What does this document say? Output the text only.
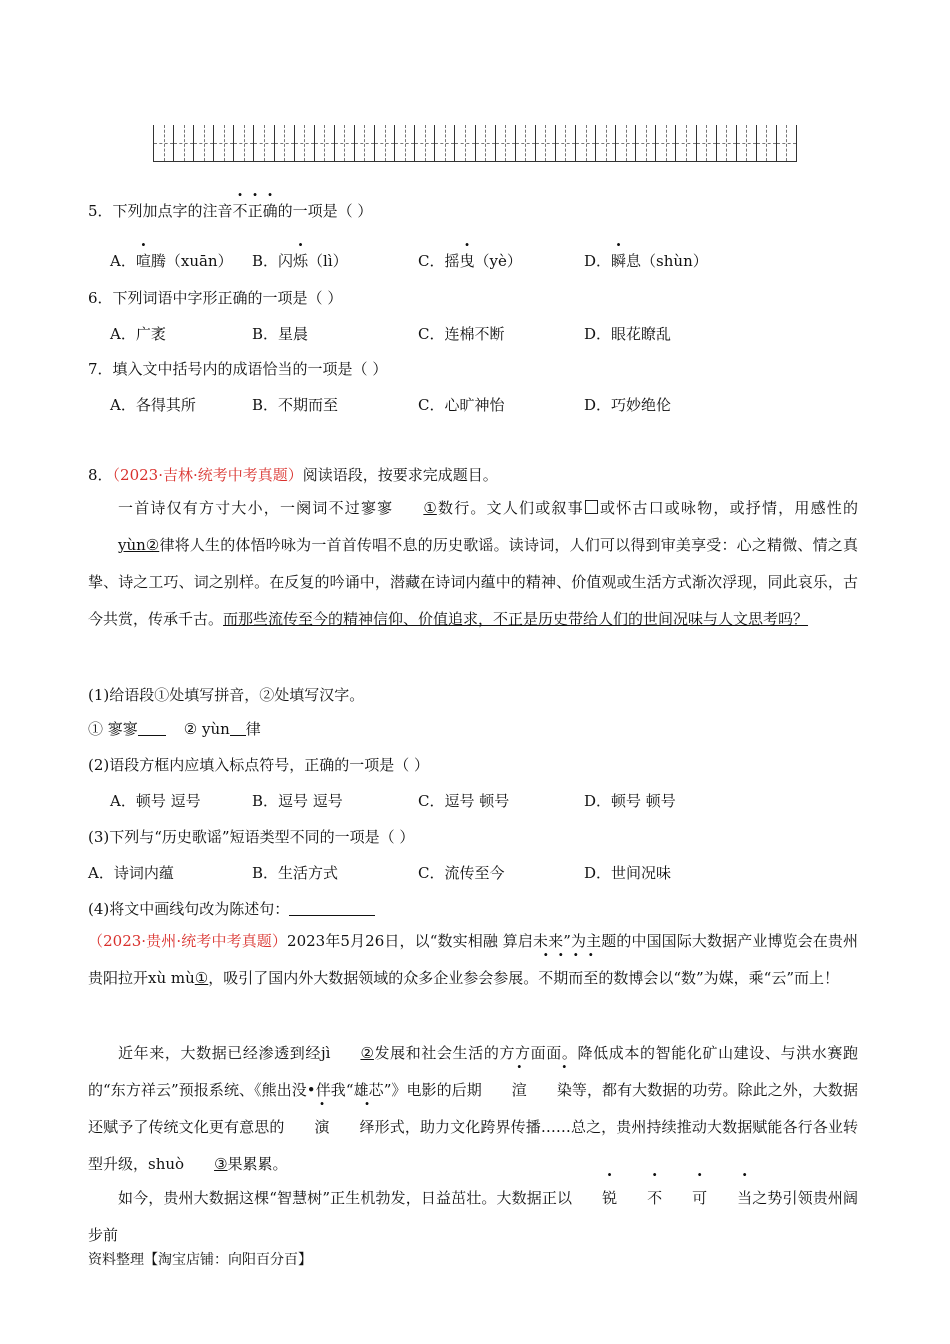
5．下列加点字的注音不正确的一项是（ ）
A．喧腾（xuān） B．闪烁（lì）	C．摇曳（yè）	D．瞬息（shùn）
6．下列词语中字形正确的一项是（ ）
A．广袤	B．星晨	C．连棉不断	D．眼花瞭乱
7．填入文中括号内的成语恰当的一项是（ ）
A．各得其所	B．不期而至	C．心旷神怡	D．巧妙绝伦
8．（2023·吉林·统考中考真题）阅读语段，按要求完成题目。
一首诗仅有方寸大小，一阕词不过寥寥 ①数行。文人们或叙事 或怀古口或咏物，或抒情，用感性的yùn②律将人生的体悟吟咏为一首首传唱不息的历史歌谣。读诗词，人们可以得到审美享受：心之精微、情之真挚、诗之工巧、词之别样。在反复的吟诵中，潜藏在诗词内蕴中的精神、价值观或生活方式渐次浮现，同此哀乐，古今共赏，传承千古。而那些流传至今的精神信仰、价值追求，不正是历史带给人们的世间况味与人文思考吗？
(1)给语段①处填写拼音，②处填写汉字。
① 寥寥	② yùn 律
(2)语段方框内应填入标点符号，正确的一项是（ ）
A．顿号 逗号	B．逗号 逗号	C．逗号 顿号	D．顿号 顿号
(3)下列与“历史歌谣”短语类型不同的一项是（ ）
A．诗词内蕴	B．生活方式	C．流传至今	D．世间况味
(4)将文中画线句改为陈述句：
（2023·贵州·统考中考真题）2023年5月26日，以“数实相融 算启未来”为主题的中国国际大数据产业博览会在贵州贵阳拉开xù mù①，吸引了国内外大数据领域的众多企业参会参展。不期而至的数博会以“数”为媒，乘“云”而上！
近年来，大数据已经渗透到经jì ②发展和社会生活的方方面面。降低成本的智能化矿山建设、与洪水赛跑的“东方祥云”预报系统、《熊出没•伴我“雄芯”》电影的后期 渲 染等，都有大数据的功劳。除此之外，大数据还赋予了传统文化更有意思的 演 绎形式，助力文化跨界传播……总之，贵州持续推动大数据赋能各行各业转型升级，shuò ③果累累。
如今，贵州大数据这棵“智慧树”正生机勃发，日益茁壮。大数据正以 锐 不 可 当之势引领贵州阔步前
资料整理【淘宝店铺：向阳百分百】
